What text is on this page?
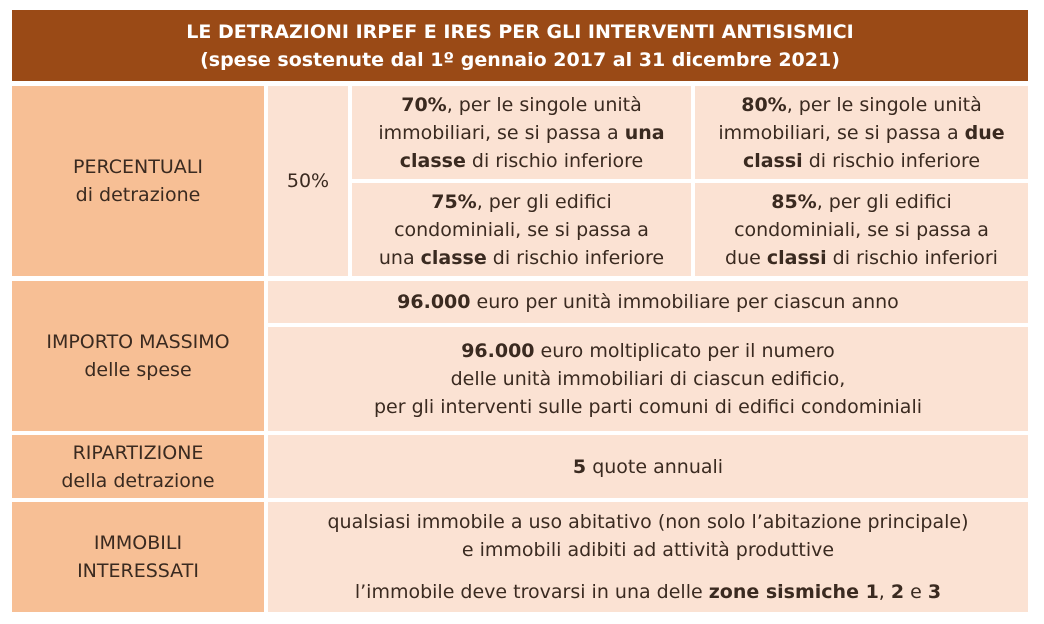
LE DETRAZIONI IRPEF E IRES PER GLI INTERVENTI ANTISISMICI
(spese sostenute dal 1º gennaio 2017 al 31 dicembre 2021)
PERCENTUALI
di detrazione
50%
70%, per le singole unità
immobiliari, se si passa a una
classe di rischio inferiore
80%, per le singole unità
immobiliari, se si passa a due
classi di rischio inferiore
75%, per gli edifici
condominiali, se si passa a
una classe di rischio inferiore
85%, per gli edifici
condominiali, se si passa a
due classi di rischio inferiori
IMPORTO MASSIMO
delle spese
96.000 euro per unità immobiliare per ciascun anno
96.000 euro moltiplicato per il numero
delle unità immobiliari di ciascun edificio,
per gli interventi sulle parti comuni di edifici condominiali
RIPARTIZIONE
della detrazione
5 quote annuali
IMMOBILI
INTERESSATI
qualsiasi immobile a uso abitativo (non solo l’abitazione principale)
e immobili adibiti ad attività produttive
l’immobile deve trovarsi in una delle zone sismiche 1, 2 e 3
